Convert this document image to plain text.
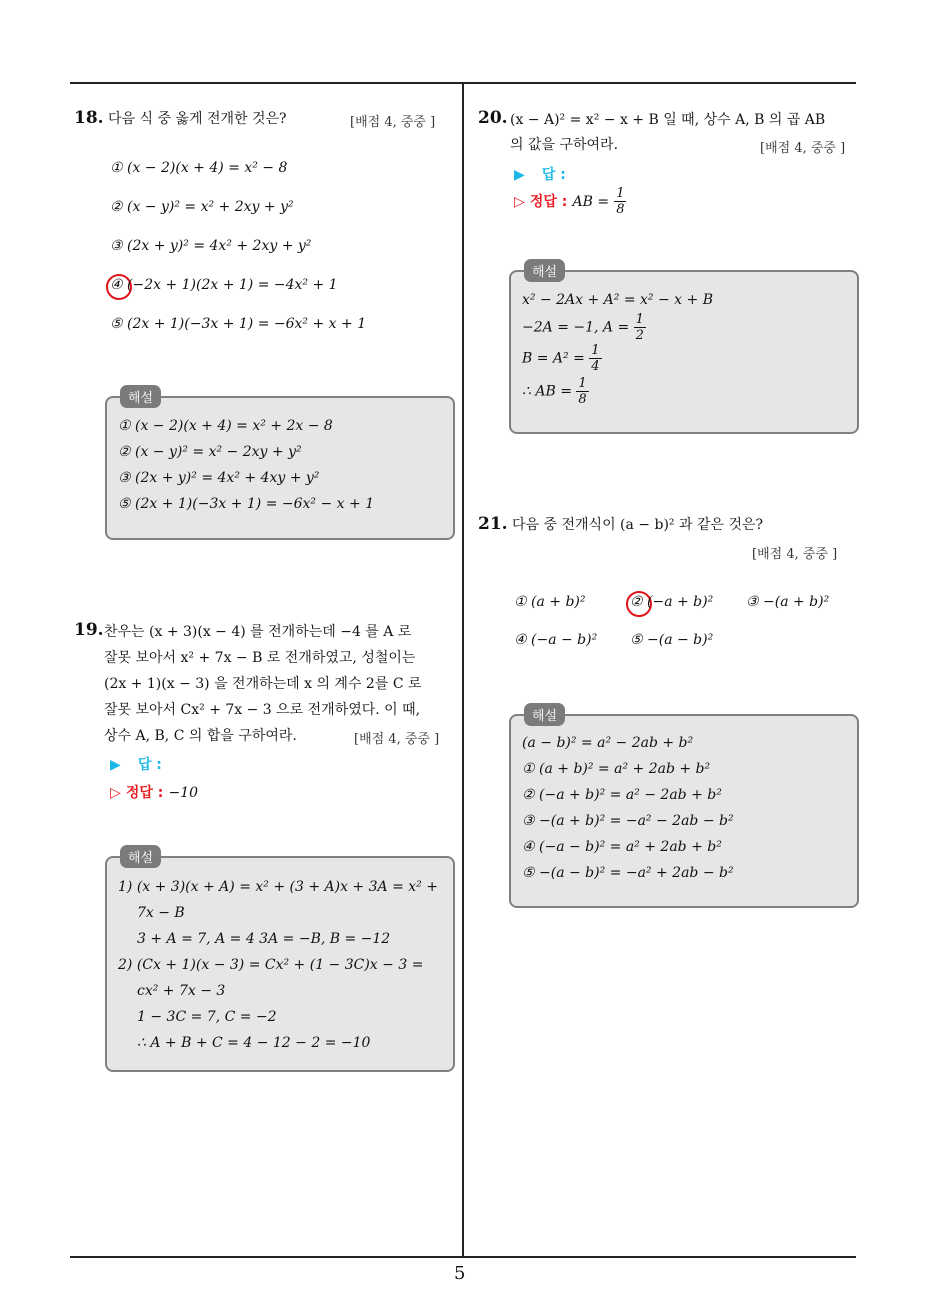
5
18. 다음 식 중 옳게 전개한 것은?	[배점 4, 중중 ]
① (x − 2)(x + 4) = x² − 8
② (x − y)² = x² + 2xy + y²
③ (2x + y)² = 4x² + 2xy + y²
④ (−2x + 1)(2x + 1) = −4x² + 1
⑤ (2x + 1)(−3x + 1) = −6x² + x + 1
해설
① (x − 2)(x + 4) = x² + 2x − 8
② (x − y)² = x² − 2xy + y²
③ (2x + y)² = 4x² + 4xy + y²
⑤ (2x + 1)(−3x + 1) = −6x² − x + 1
19. 찬우는 (x + 3)(x − 4) 를 전개하는데 −4 를 A 로
잘못 보아서 x² + 7x − B 로 전개하였고, 성철이는
(2x + 1)(x − 3) 을 전개하는데 x 의 계수 2를 C 로
잘못 보아서 Cx² + 7x − 3 으로 전개하였다. 이 때,
상수 A, B, C 의 합을 구하여라.	[배점 4, 중중 ]
▶ 답 :
▷ 정답 : −10
해설
1) (x + 3)(x + A) = x² + (3 + A)x + 3A = x² +
7x − B
3 + A = 7, A = 4 3A = −B, B = −12
2) (Cx + 1)(x − 3) = Cx² + (1 − 3C)x − 3 =
cx² + 7x − 3
1 − 3C = 7, C = −2
∴ A + B + C = 4 − 12 − 2 = −10
20. (x − A)² = x² − x + B 일 때, 상수 A, B 의 곱 AB
의 값을 구하여라.	[배점 4, 중중 ]
▶ 답 :
▷ 정답 : AB = $\frac{1}{8}$
해설
x² − 2Ax + A² = x² − x + B
−2A = −1, $A = \frac{1}{2}$
$B = A^2 = \frac{1}{4}$
∴ AB = $\frac{1}{8}$
21. 다음 중 전개식이 (a − b)² 과 같은 것은?
[배점 4, 중중 ]
① (a + b)²	② (−a + b)² ③ −(a + b)²
④ (−a − b)² ⑤ −(a − b)²
해설
(a − b)² = a² − 2ab + b²
① (a + b)² = a² + 2ab + b²
② (−a + b)² = a² − 2ab + b²
③ −(a + b)² = −a² − 2ab − b²
④ (−a − b)² = a² + 2ab + b²
⑤ −(a − b)² = −a² + 2ab − b²
